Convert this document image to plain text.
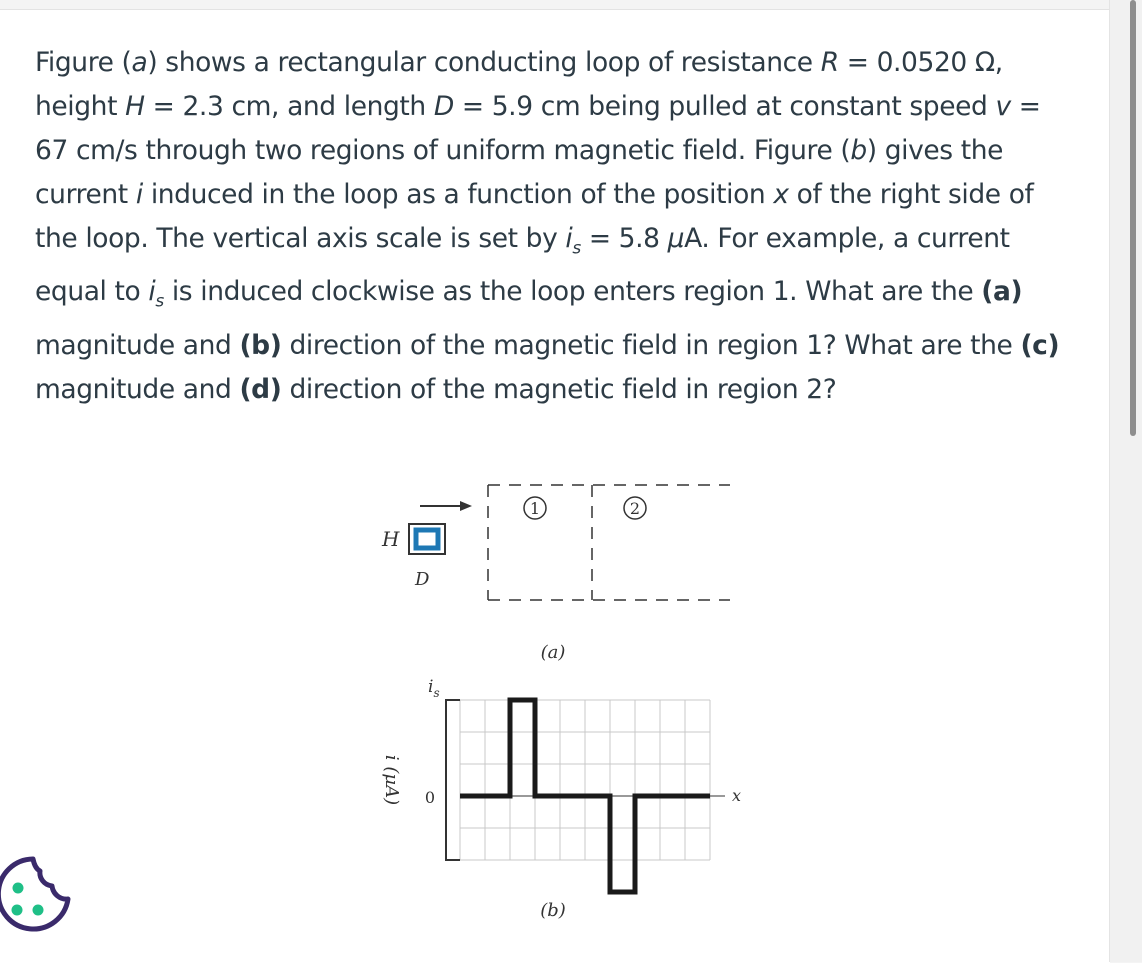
Figure (a) shows a rectangular conducting loop of resistance R = 0.0520 Ω, height H = 2.3 cm, and length D = 5.9 cm being pulled at constant speed v = 67 cm/s through two regions of uniform magnetic field. Figure (b) gives the current i induced in the loop as a function of the position x of the right side of the loop. The vertical axis scale is set by $i_s = 5.8$ μA. For example, a current equal to $i_s$ is induced clockwise as the loop enters region 1. What are the (a) magnitude and (b) direction of the magnetic field in region 1? What are the (c) magnitude and (d) direction of the magnetic field in region 2?

H
D
1	2
(a)
$i_s$
0	x
i (μA)
(b)
